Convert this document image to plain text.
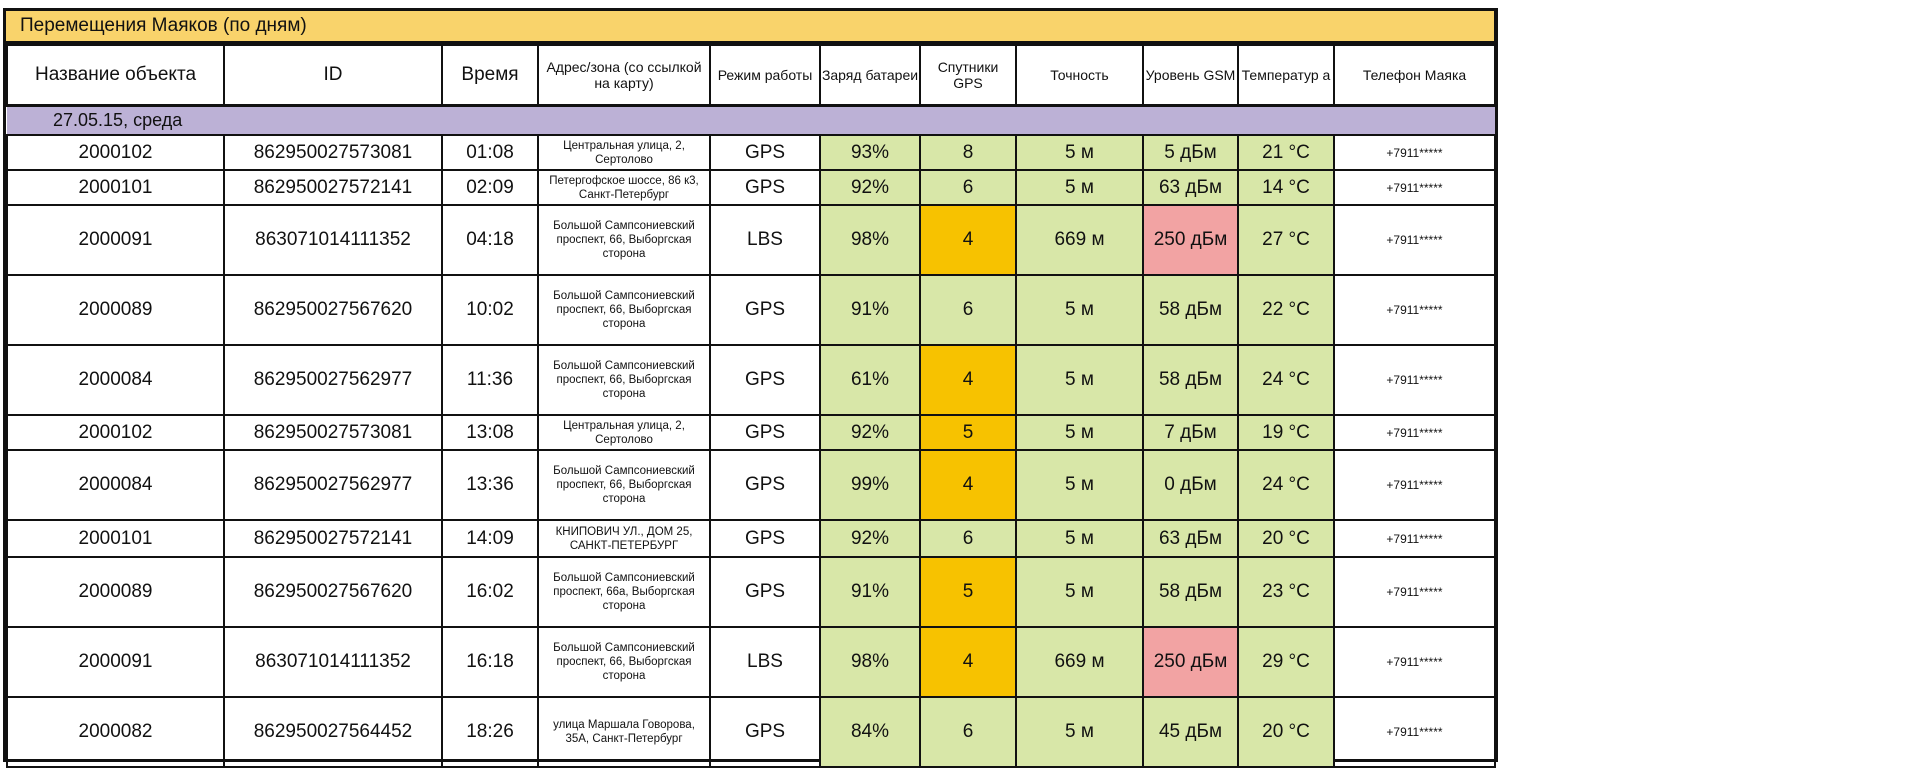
Перемещения Маяков (по дням)
Название объекта	ID	Время	Адрес/зона (со ссылкой на карту)	Режим работы	Заряд батареи	Спутники GPS	Точность	Уровень GSM	Температур а	Телефон Маяка
27.05.15, среда										
2000102	862950027573081	01:08	Центральная улица, 2, Сертолово	GPS	93%	8	5 м	5 дБм	21 °C	+7911*****
2000101	862950027572141	02:09	Петергофское шоссе, 86 к3, Санкт-Петербург	GPS	92%	6	5 м	63 дБм	14 °C	+7911*****
2000091	863071014111352	04:18	Большой Сампсониевский проспект, 66, Выборгская сторона	LBS	98%	4	669 м	250 дБм	27 °C	+7911*****
2000089	862950027567620	10:02	Большой Сампсониевский проспект, 66, Выборгская сторона	GPS	91%	6	5 м	58 дБм	22 °C	+7911*****
2000084	862950027562977	11:36	Большой Сампсониевский проспект, 66, Выборгская сторона	GPS	61%	4	5 м	58 дБм	24 °C	+7911*****
2000102	862950027573081	13:08	Центральная улица, 2, Сертолово	GPS	92%	5	5 м	7 дБм	19 °C	+7911*****
2000084	862950027562977	13:36	Большой Сампсониевский проспект, 66, Выборгская сторона	GPS	99%	4	5 м	0 дБм	24 °C	+7911*****
2000101	862950027572141	14:09	КНИПОВИЧ УЛ., ДОМ 25, САНКТ-ПЕТЕРБУРГ	GPS	92%	6	5 м	63 дБм	20 °C	+7911*****
2000089	862950027567620	16:02	Большой Сампсониевский проспект, 66а, Выборгская сторона	GPS	91%	5	5 м	58 дБм	23 °C	+7911*****
2000091	863071014111352	16:18	Большой Сампсониевский проспект, 66, Выборгская сторона	LBS	98%	4	669 м	250 дБм	29 °C	+7911*****
2000082	862950027564452	18:26	улица Маршала Говорова, 35А, Санкт-Петербург	GPS	84%	6	5 м	45 дБм	20 °C	+7911*****
